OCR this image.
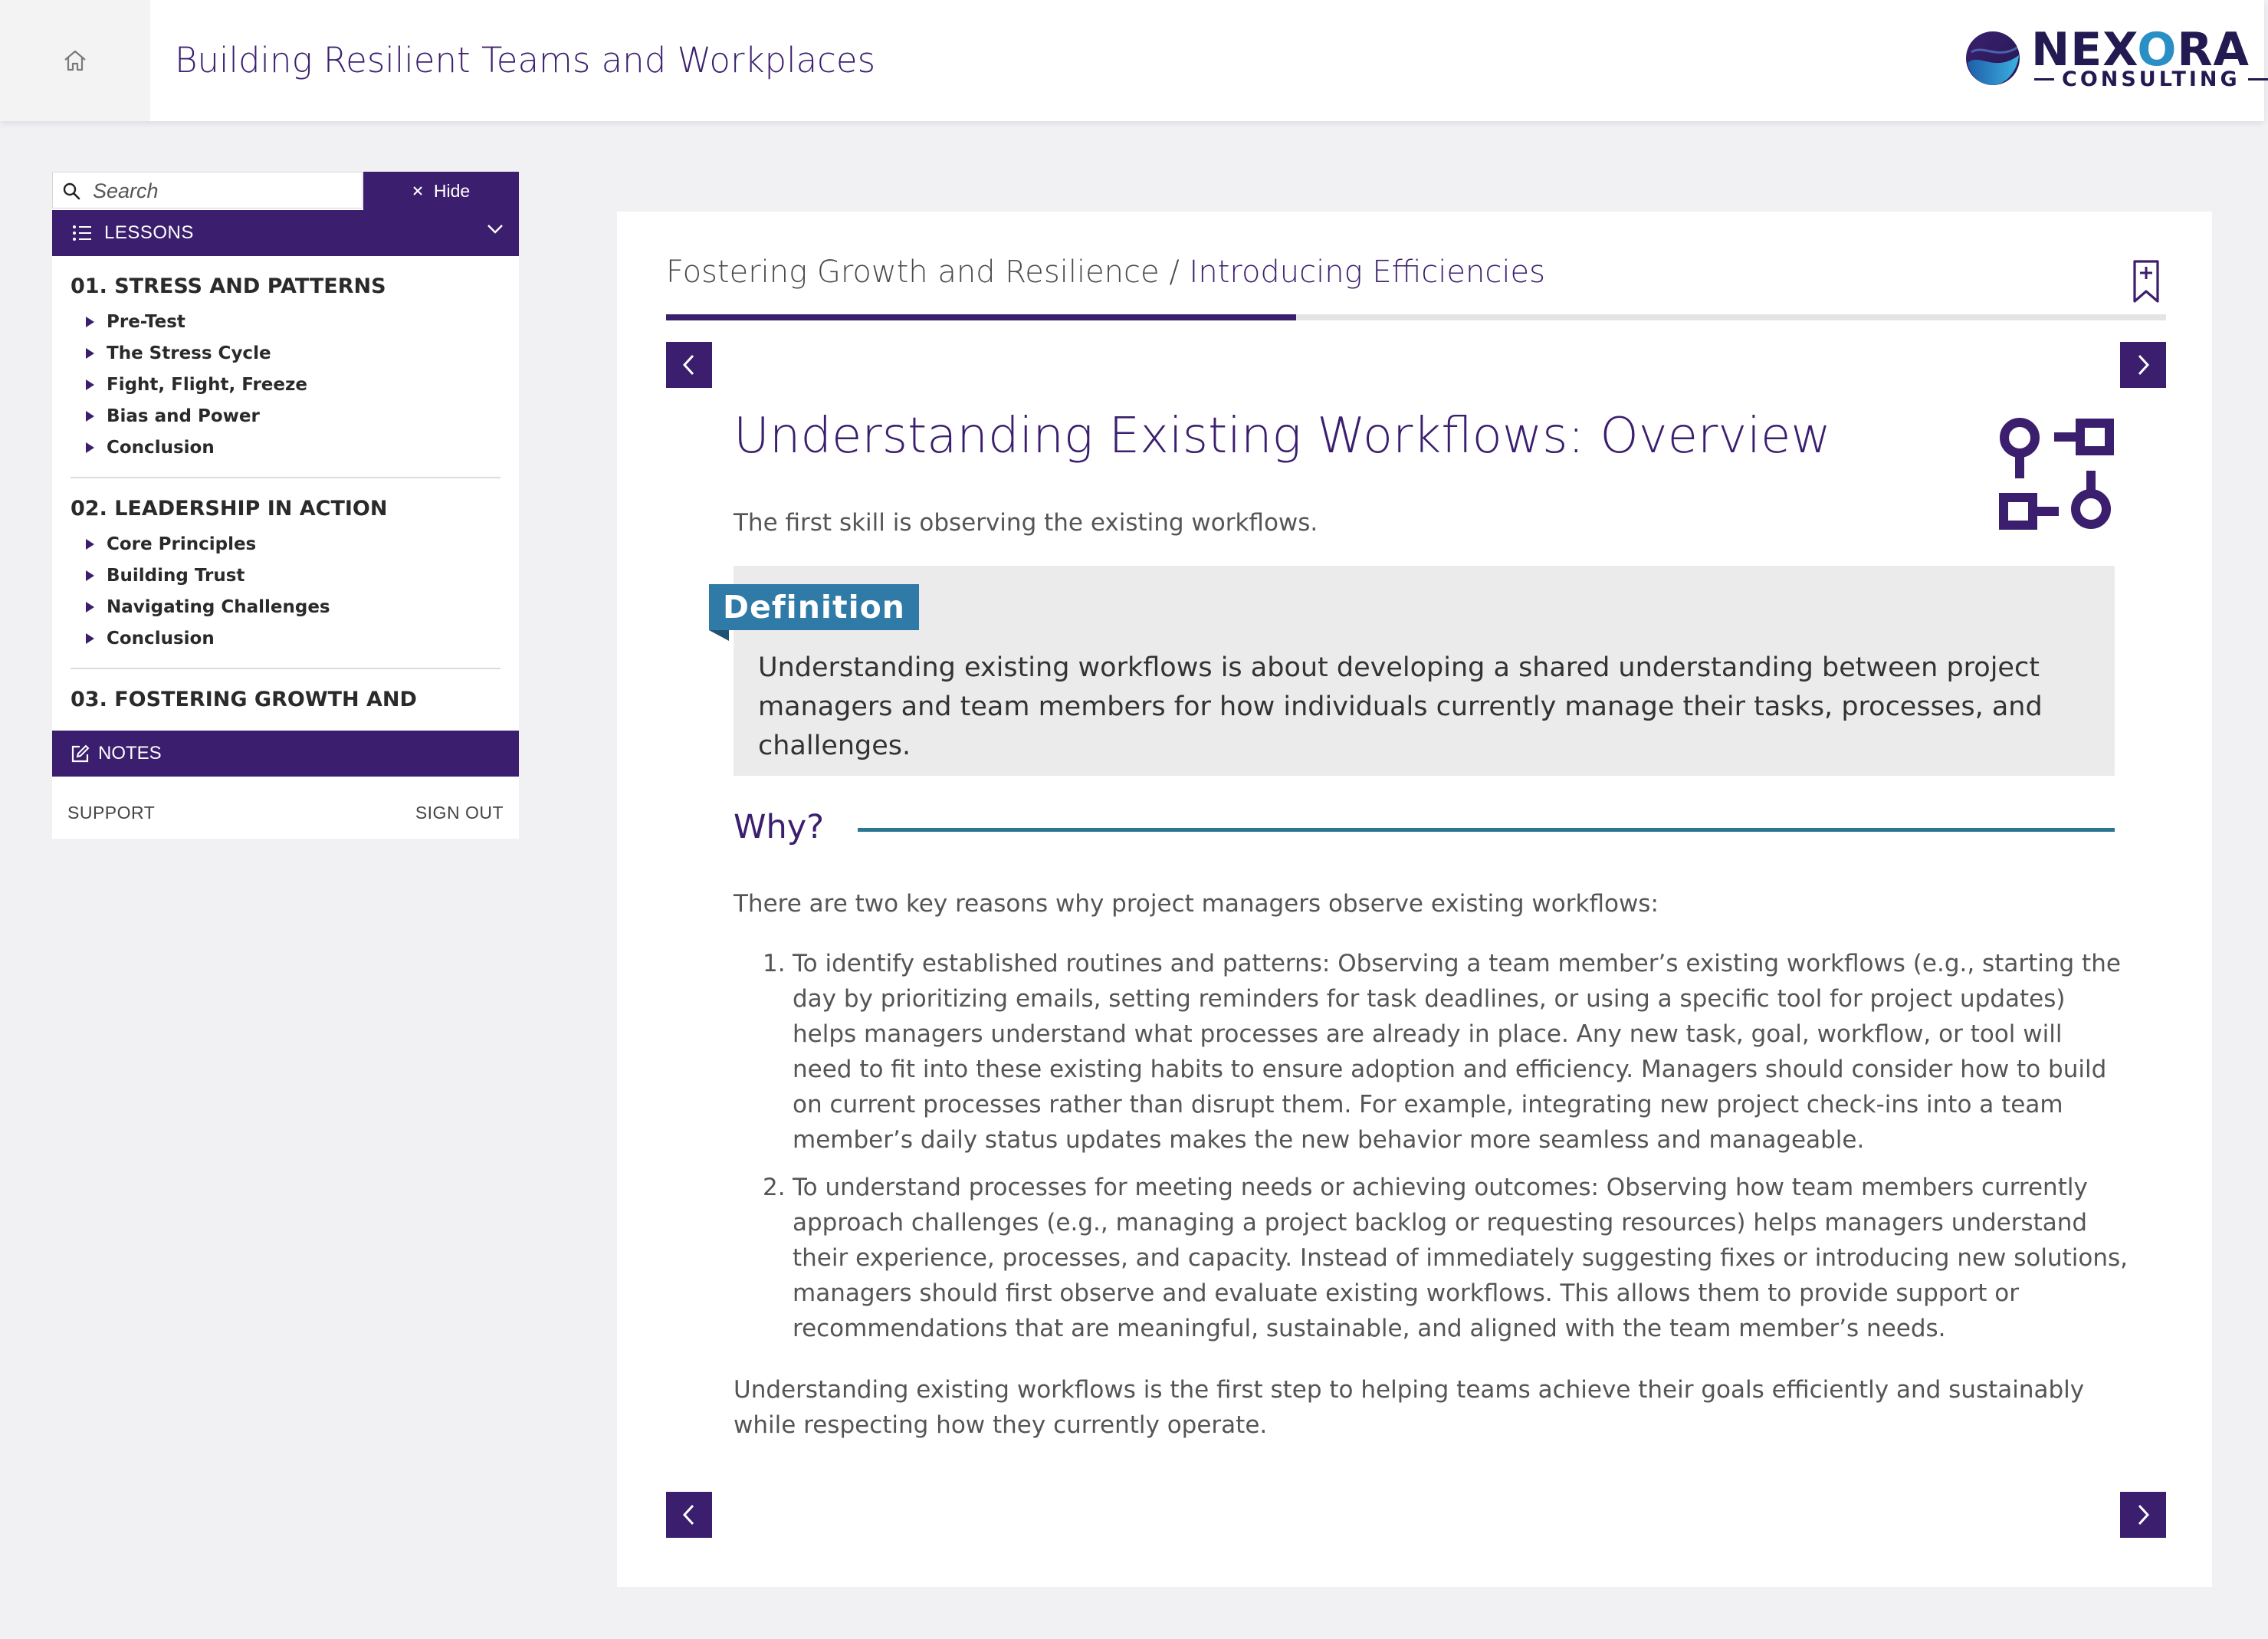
Building Resilient Teams and Workplaces	NEXORA
CONSULTING
Search
Hide
LESSONS
01. STRESS AND PATTERNS
Pre-Test
The Stress Cycle
Fight, Flight, Freeze
Bias and Power
Conclusion
02. LEADERSHIP IN ACTION
Core Principles
Building Trust
Navigating Challenges
Conclusion
03. FOSTERING GROWTH AND
NOTES
SUPPORT	SIGN OUT
Fostering Growth and Resilience / Introducing Efficiencies
Understanding Existing Workflows: Overview
The first skill is observing the existing workflows.
Definition
Understanding existing workflows is about developing a shared understanding between project managers and team members for how individuals currently manage their tasks, processes, and challenges.
Why?
There are two key reasons why project managers observe existing workflows:
1. To identify established routines and patterns: Observing a team member’s existing workflows (e.g., starting the day by prioritizing emails, setting reminders for task deadlines, or using a specific tool for project updates) helps managers understand what processes are already in place. Any new task, goal, workflow, or tool will need to fit into these existing habits to ensure adoption and efficiency. Managers should consider how to build on current processes rather than disrupt them. For example, integrating new project check-ins into a team member’s daily status updates makes the new behavior more seamless and manageable.
2. To understand processes for meeting needs or achieving outcomes: Observing how team members currently approach challenges (e.g., managing a project backlog or requesting resources) helps managers understand their experience, processes, and capacity. Instead of immediately suggesting fixes or introducing new solutions, managers should first observe and evaluate existing workflows. This allows them to provide support or recommendations that are meaningful, sustainable, and aligned with the team member’s needs.
Understanding existing workflows is the first step to helping teams achieve their goals efficiently and sustainably while respecting how they currently operate.
